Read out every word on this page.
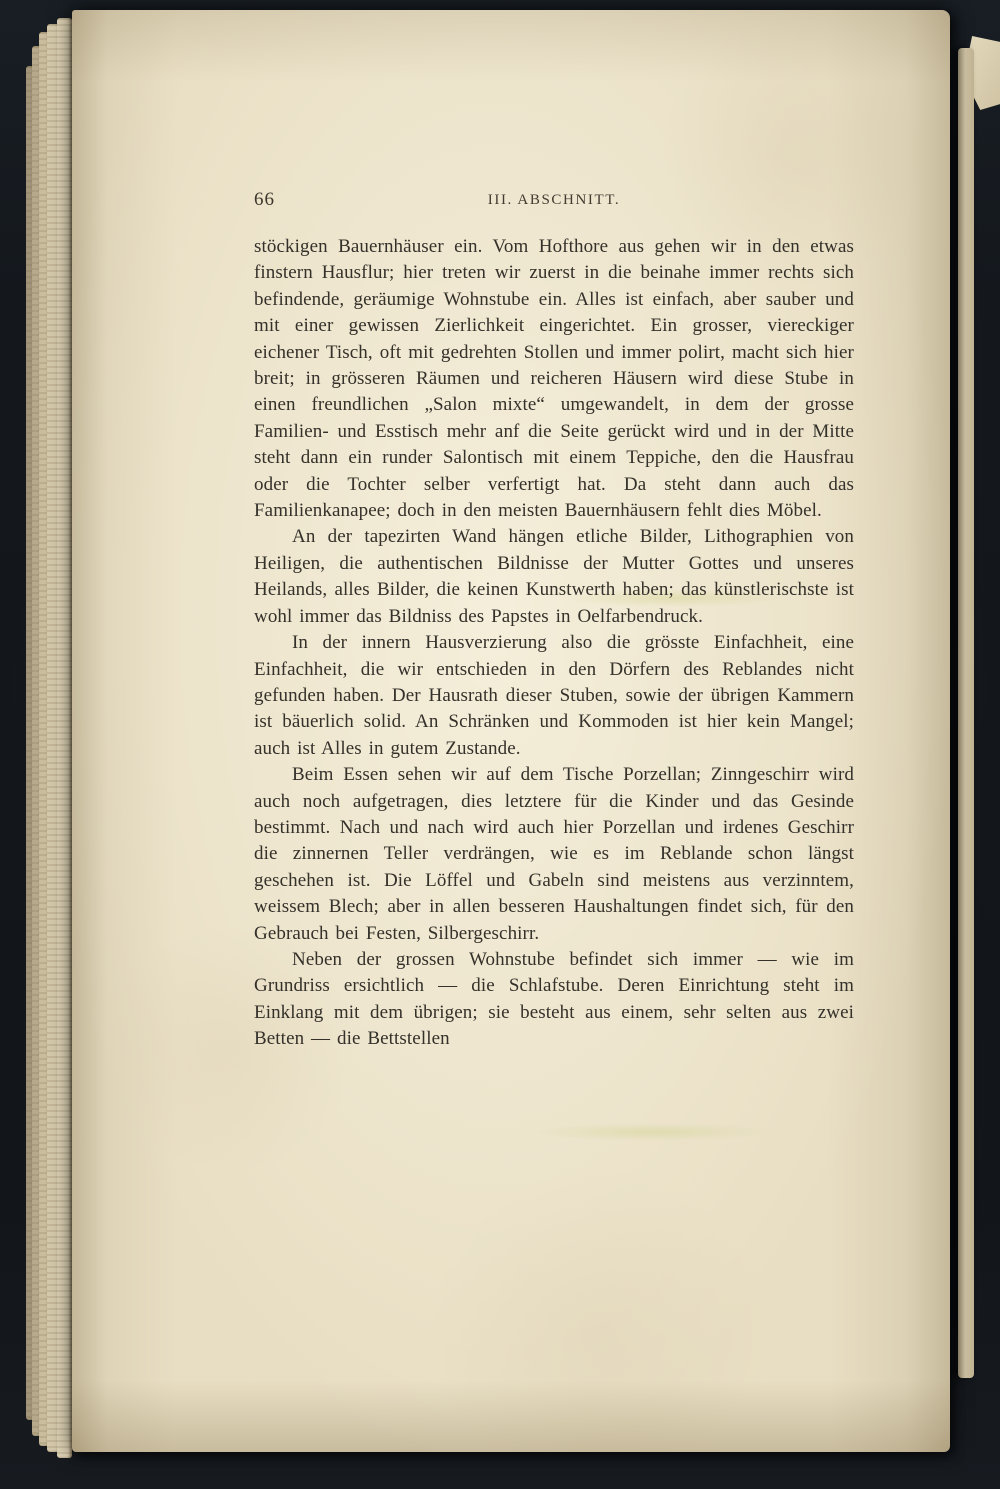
66	III. ABSCHNITT.

stöckigen Bauernhäuser ein. Vom Hofthore aus gehen wir in den etwas finstern Hausflur; hier treten wir zuerst in die beinahe immer rechts sich befindende, geräumige Wohnstube ein. Alles ist einfach, aber sauber und mit einer gewissen Zierlichkeit eingerichtet. Ein grosser, viereckiger eichener Tisch, oft mit gedrehten Stollen und immer polirt, macht sich hier breit; in grösseren Räumen und reicheren Häusern wird diese Stube in einen freundlichen „Salon mixte“ umgewandelt, in dem der grosse Familien- und Esstisch mehr anf die Seite gerückt wird und in der Mitte steht dann ein runder Salontisch mit einem Teppiche, den die Hausfrau oder die Tochter selber verfertigt hat. Da steht dann auch das Familienkanapee; doch in den meisten Bauernhäusern fehlt dies Möbel.

An der tapezirten Wand hängen etliche Bilder, Lithographien von Heiligen, die authentischen Bildnisse der Mutter Gottes und unseres Heilands, alles Bilder, die keinen Kunstwerth haben; das künstlerischste ist wohl immer das Bildniss des Papstes in Oelfarbendruck.

In der innern Hausverzierung also die grösste Einfachheit, eine Einfachheit, die wir entschieden in den Dörfern des Reblandes nicht gefunden haben. Der Hausrath dieser Stuben, sowie der übrigen Kammern ist bäuerlich solid. An Schränken und Kommoden ist hier kein Mangel; auch ist Alles in gutem Zustande.

Beim Essen sehen wir auf dem Tische Porzellan; Zinngeschirr wird auch noch aufgetragen, dies letztere für die Kinder und das Gesinde bestimmt. Nach und nach wird auch hier Porzellan und irdenes Geschirr die zinnernen Teller verdrängen, wie es im Reblande schon längst geschehen ist. Die Löffel und Gabeln sind meistens aus verzinntem, weissem Blech; aber in allen besseren Haushaltungen findet sich, für den Gebrauch bei Festen, Silbergeschirr.

Neben der grossen Wohnstube befindet sich immer — wie im Grundriss ersichtlich — die Schlafstube. Deren Einrichtung steht im Einklang mit dem übrigen; sie besteht aus einem, sehr selten aus zwei Betten — die Bettstellen
